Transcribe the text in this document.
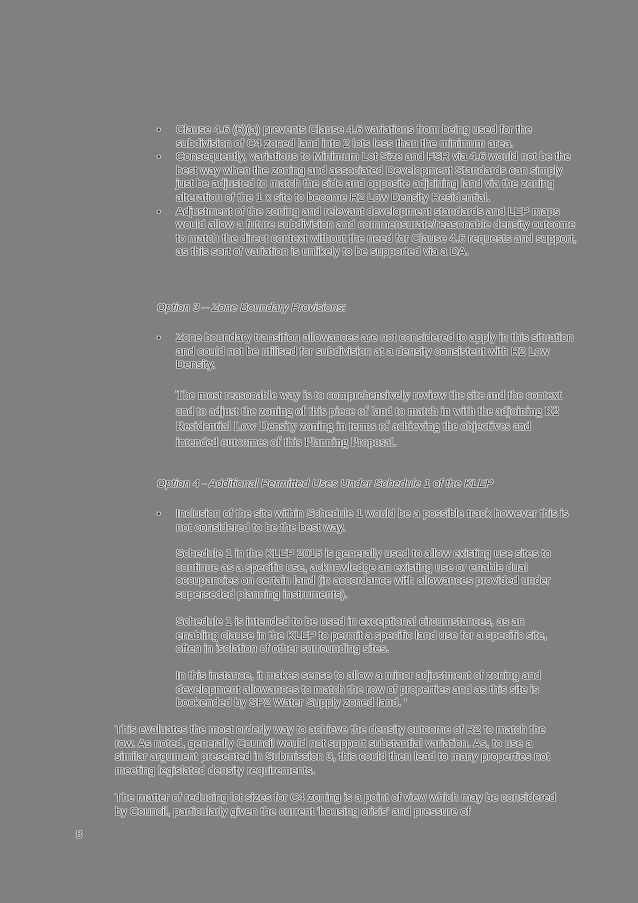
• Clause 4.6 (6)(a) prevents Clause 4.6 variations from being used for the subdivision of C4 zoned land into 2 lots less than the minimum area.
• Consequently, variations to Minimum Lot Size and FSR via 4.6 would not be the best way when the zoning and associated Development Standards can simply just be adjusted to match the side and opposite adjoining land via the zoning alteration of the 1 x site to become R2 Low Density Residential.
• Adjustment of the zoning and relevant development standards and LEP maps would allow a future subdivision and commensurate/reasonable density outcome to match the direct context without the need for Clause 4.6 requests and support, as this sort of variation is unlikely to be supported via a DA.
Option 3 – Zone Boundary Provisions:
• Zone boundary transition allowances are not considered to apply in this situation and could not be utilised for subdivision at a density consistent with R2 Low Density.
The most reasonable way is to comprehensively review the site and the context and to adjust the zoning of this piece of land to match in with the adjoining R2 Residential Low Density zoning in terms of achieving the objectives and intended outcomes of this Planning Proposal.
Option 4 - Additional Permitted Uses Under Schedule 1 of the KLEP
• Inclusion of the site within Schedule 1 would be a possible track however this is not considered to be the best way.
Schedule 1 in the KLEP 2015 is generally used to allow existing use sites to continue as a specific use, acknowledge an existing use or enable dual occupancies on certain land (in accordance with allowances provided under superseded planning instruments).
Schedule 1 is intended to be used in exceptional circumstances, as an enabling clause in the KLEP to permit a specific land use for a specific site, often in isolation of other surrounding sites.
In this instance, it makes sense to allow a minor adjustment of zoning and development allowances to match the row of properties and as this site is bookended by SP2 Water Supply zoned land. '
This evaluates the most orderly way to achieve the density outcome of R2 to match the row. As noted, generally Council would not support substantial variation. As, to use a similar argument presented in Submission 3, this could then lead to many properties not meeting legislated density requirements.
The matter of reducing lot sizes for C4 zoning is a point of view which may be considered by Council, particularly given the current 'housing crisis' and pressure of
8
